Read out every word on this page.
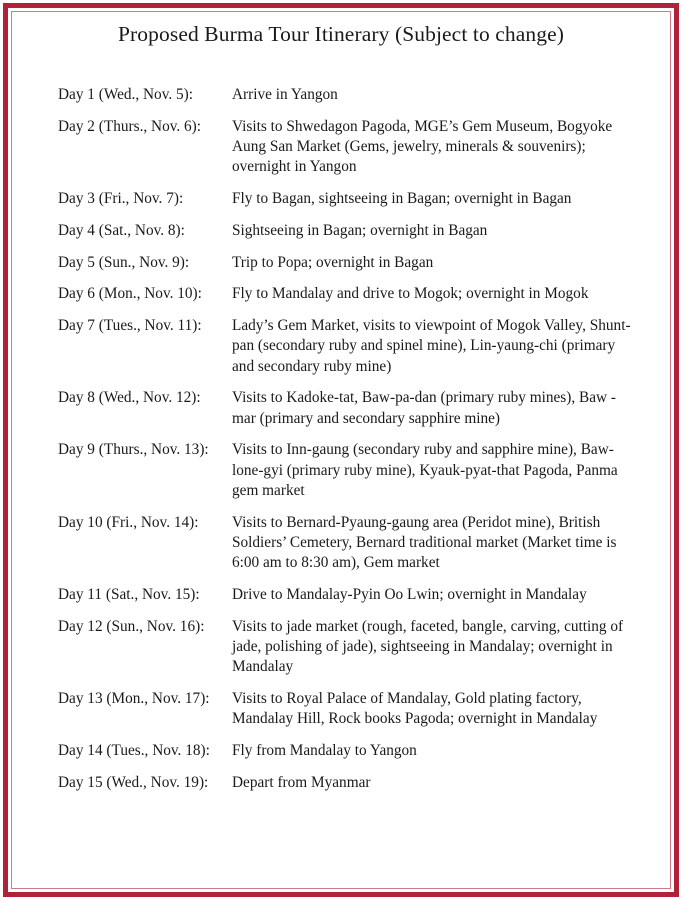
Proposed Burma Tour Itinerary (Subject to change)
Day 1 (Wed., Nov. 5):	Arrive in Yangon
Day 2 (Thurs., Nov. 6):	Visits to Shwedagon Pagoda, MGE’s Gem Museum, Bogyoke Aung San Market (Gems, jewelry, minerals & souvenirs); overnight in Yangon
Day 3 (Fri., Nov. 7):	Fly to Bagan, sightseeing in Bagan; overnight in Bagan
Day 4 (Sat., Nov. 8):	Sightseeing in Bagan; overnight in Bagan
Day 5 (Sun., Nov. 9):	Trip to Popa; overnight in Bagan
Day 6 (Mon., Nov. 10):	Fly to Mandalay and drive to Mogok; overnight in Mogok
Day 7 (Tues., Nov. 11):	Lady’s Gem Market, visits to viewpoint of Mogok Valley, Shunt-pan (secondary ruby and spinel mine), Lin-yaung-chi (primary and secondary ruby mine)
Day 8 (Wed., Nov. 12):	Visits to Kadoke-tat, Baw-pa-dan (primary ruby mines), Baw -mar (primary and secondary sapphire mine)
Day 9 (Thurs., Nov. 13):	Visits to Inn-gaung (secondary ruby and sapphire mine), Baw-lone-gyi (primary ruby mine), Kyauk-pyat-that Pagoda, Panma gem market
Day 10 (Fri., Nov. 14):	Visits to Bernard-Pyaung-gaung area (Peridot mine), British Soldiers’ Cemetery, Bernard traditional market (Market time is 6:00 am to 8:30 am), Gem market
Day 11 (Sat., Nov. 15):	Drive to Mandalay-Pyin Oo Lwin; overnight in Mandalay
Day 12 (Sun., Nov. 16):	Visits to jade market (rough, faceted, bangle, carving, cutting of jade, polishing of jade), sightseeing in Mandalay; overnight in Mandalay
Day 13 (Mon., Nov. 17):	Visits to Royal Palace of Mandalay, Gold plating factory, Mandalay Hill, Rock books Pagoda; overnight in Mandalay
Day 14 (Tues., Nov. 18):	Fly from Mandalay to Yangon
Day 15 (Wed., Nov. 19):	Depart from Myanmar
